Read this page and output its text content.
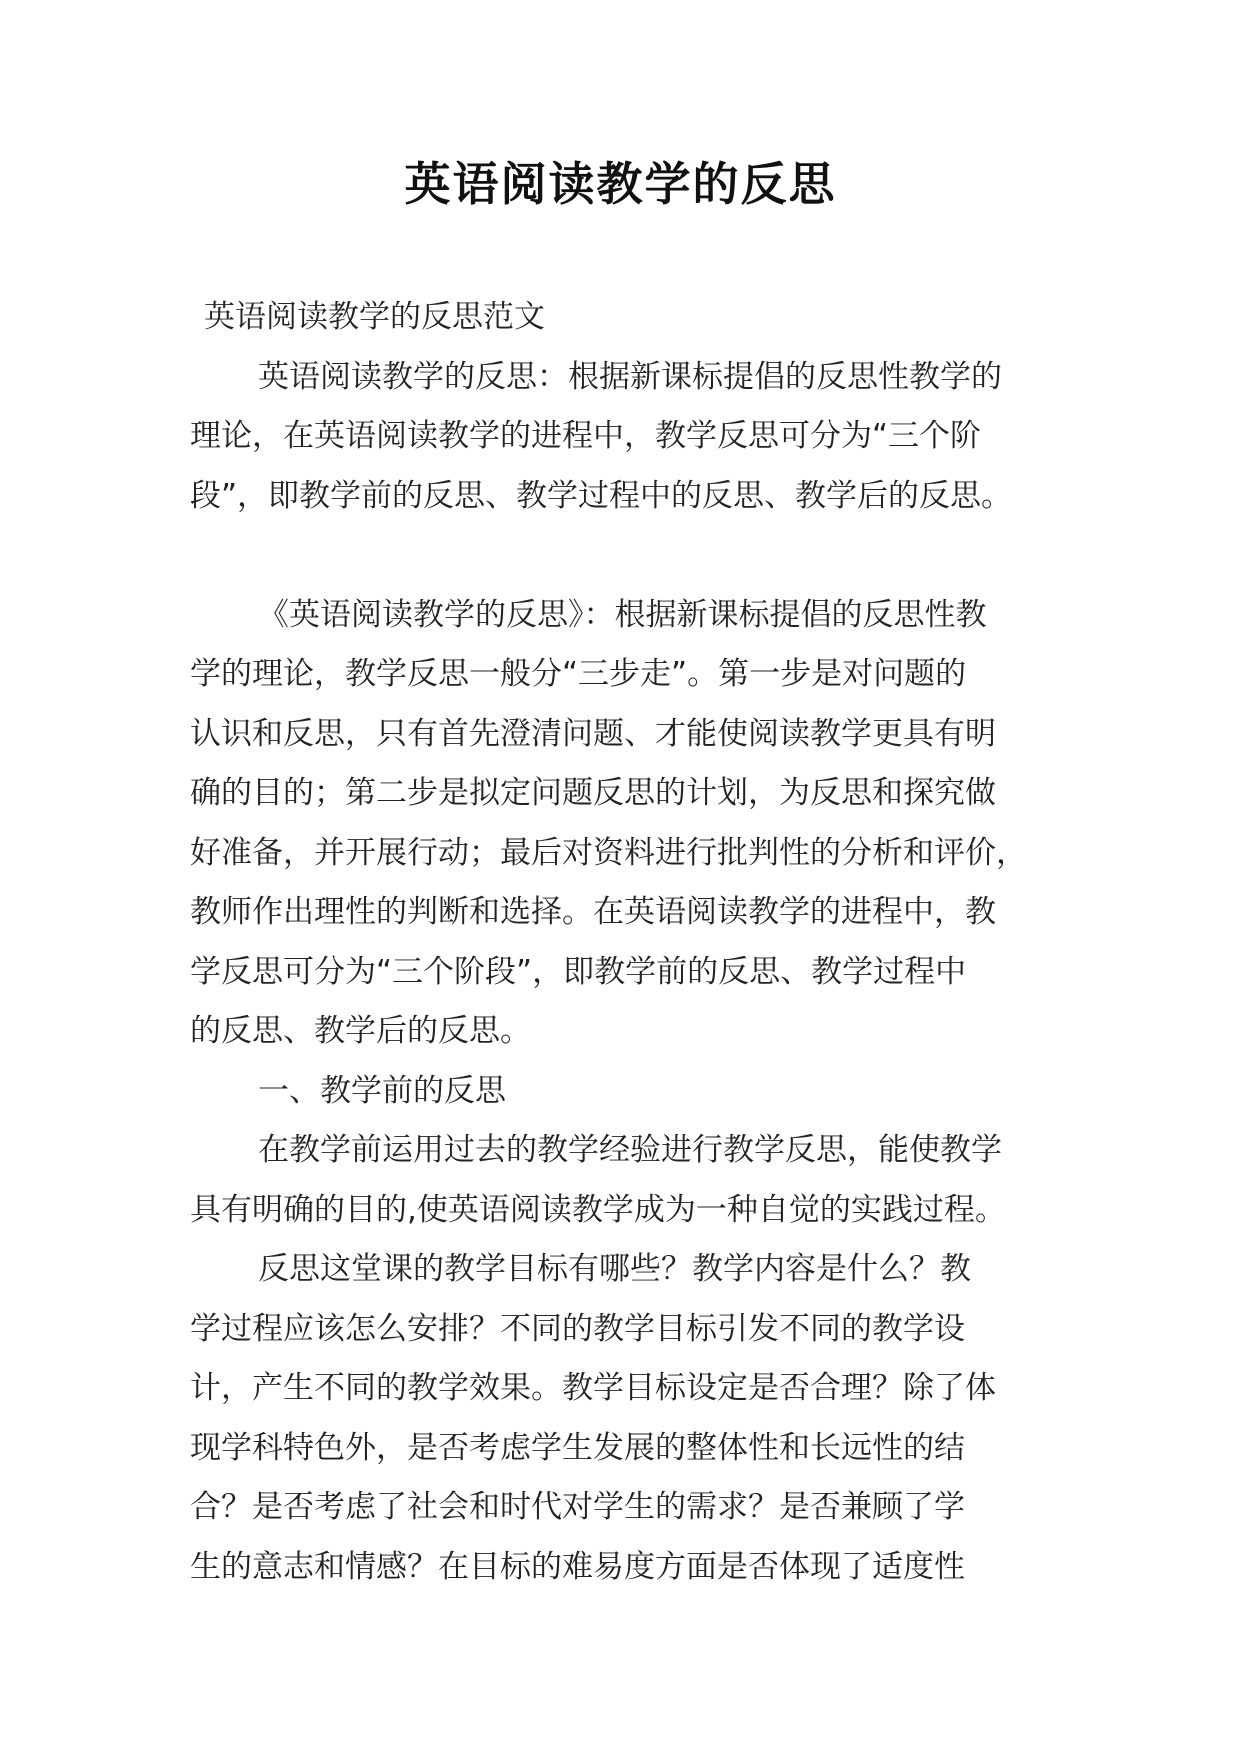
英语阅读教学的反思

英语阅读教学的反思范文

英语阅读教学的反思：根据新课标提倡的反思性教学的
理论，在英语阅读教学的进程中，教学反思可分为“三个阶
段”，即教学前的反思、教学过程中的反思、教学后的反思。

《英语阅读教学的反思》：根据新课标提倡的反思性教
学的理论，教学反思一般分“三步走”。第一步是对问题的
认识和反思，只有首先澄清问题、才能使阅读教学更具有明
确的目的；第二步是拟定问题反思的计划，为反思和探究做
好准备，并开展行动；最后对资料进行批判性的分析和评价，
教师作出理性的判断和选择。在英语阅读教学的进程中，教
学反思可分为“三个阶段”，即教学前的反思、教学过程中
的反思、教学后的反思。

一、教学前的反思

在教学前运用过去的教学经验进行教学反思，能使教学
具有明确的目的,使英语阅读教学成为一种自觉的实践过程。

反思这堂课的教学目标有哪些？教学内容是什么？教
学过程应该怎么安排？不同的教学目标引发不同的教学设
计，产生不同的教学效果。教学目标设定是否合理？除了体
现学科特色外，是否考虑学生发展的整体性和长远性的结
合？是否考虑了社会和时代对学生的需求？是否兼顾了学
生的意志和情感？在目标的难易度方面是否体现了适度性
